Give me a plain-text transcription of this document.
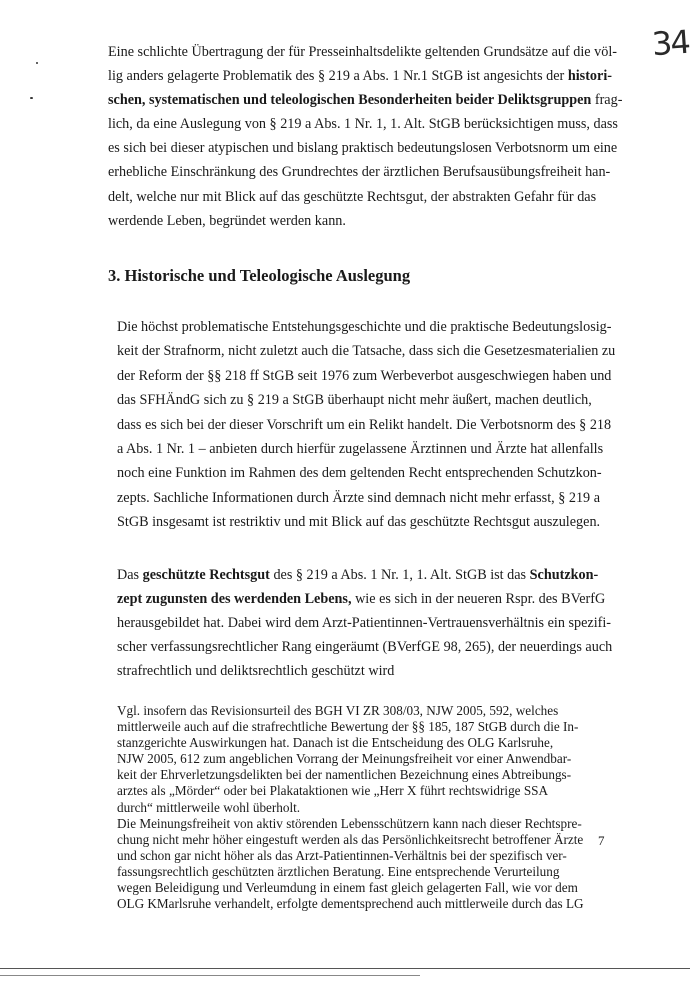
34
Eine schlichte Übertragung der für Presseinhaltsdelikte geltenden Grundsätze auf die völ-
lig anders gelagerte Problematik des § 219 a Abs. 1 Nr.1 StGB ist angesichts der histori-
schen, systematischen und teleologischen Besonderheiten beider Deliktsgruppen frag-
lich, da eine Auslegung von § 219 a Abs. 1 Nr. 1, 1. Alt. StGB berücksichtigen muss, dass
es sich bei dieser atypischen und bislang praktisch bedeutungslosen Verbotsnorm um eine
erhebliche Einschränkung des Grundrechtes der ärztlichen Berufsausübungsfreiheit han-
delt, welche nur mit Blick auf das geschützte Rechtsgut, der abstrakten Gefahr für das
werdende Leben, begründet werden kann.
3. Historische und Teleologische Auslegung
Die höchst problematische Entstehungsgeschichte und die praktische Bedeutungslosig-
keit der Strafnorm, nicht zuletzt auch die Tatsache, dass sich die Gesetzesmaterialien zu
der Reform der §§ 218 ff StGB seit 1976 zum Werbeverbot ausgeschwiegen haben und
das SFHÄndG sich zu § 219 a StGB überhaupt nicht mehr äußert, machen deutlich,
dass es sich bei der dieser Vorschrift um ein Relikt handelt. Die Verbotsnorm des § 218
a Abs. 1 Nr. 1 – anbieten durch hierfür zugelassene Ärztinnen und Ärzte hat allenfalls
noch eine Funktion im Rahmen des dem geltenden Recht entsprechenden Schutzkon-
zepts. Sachliche Informationen durch Ärzte sind demnach nicht mehr erfasst, § 219 a
StGB insgesamt ist restriktiv und mit Blick auf das geschützte Rechtsgut auszulegen.
Das geschützte Rechtsgut des § 219 a Abs. 1 Nr. 1, 1. Alt. StGB ist das Schutzkon-
zept zugunsten des werdenden Lebens, wie es sich in der neueren Rspr. des BVerfG
herausgebildet hat. Dabei wird dem Arzt-Patientinnen-Vertrauensverhältnis ein spezifi-
scher verfassungsrechtlicher Rang eingeräumt (BVerfGE 98, 265), der neuerdings auch
strafrechtlich und deliktsrechtlich geschützt wird
Vgl. insofern das Revisionsurteil des BGH VI ZR 308/03, NJW 2005, 592, welches
mittlerweile auch auf die strafrechtliche Bewertung der §§ 185, 187 StGB durch die In-
stanzgerichte Auswirkungen hat. Danach ist die Entscheidung des OLG Karlsruhe,
NJW 2005, 612 zum angeblichen Vorrang der Meinungsfreiheit vor einer Anwendbar-
keit der Ehrverletzungsdelikten bei der namentlichen Bezeichnung eines Abtreibungs-
arztes als „Mörder“ oder bei Plakataktionen wie „Herr X führt rechtswidrige SSA
durch“ mittlerweile wohl überholt.
Die Meinungsfreiheit von aktiv störenden Lebensschützern kann nach dieser Rechtspre-
chung nicht mehr höher eingestuft werden als das Persönlichkeitsrecht betroffener Ärzte
und schon gar nicht höher als das Arzt-Patientinnen-Verhältnis bei der spezifisch ver-
fassungsrechtlich geschützten ärztlichen Beratung. Eine entsprechende Verurteilung
wegen Beleidigung und Verleumdung in einem fast gleich gelagerten Fall, wie vor dem
OLG KMarlsruhe verhandelt, erfolgte dementsprechend auch mittlerweile durch das LG
7
